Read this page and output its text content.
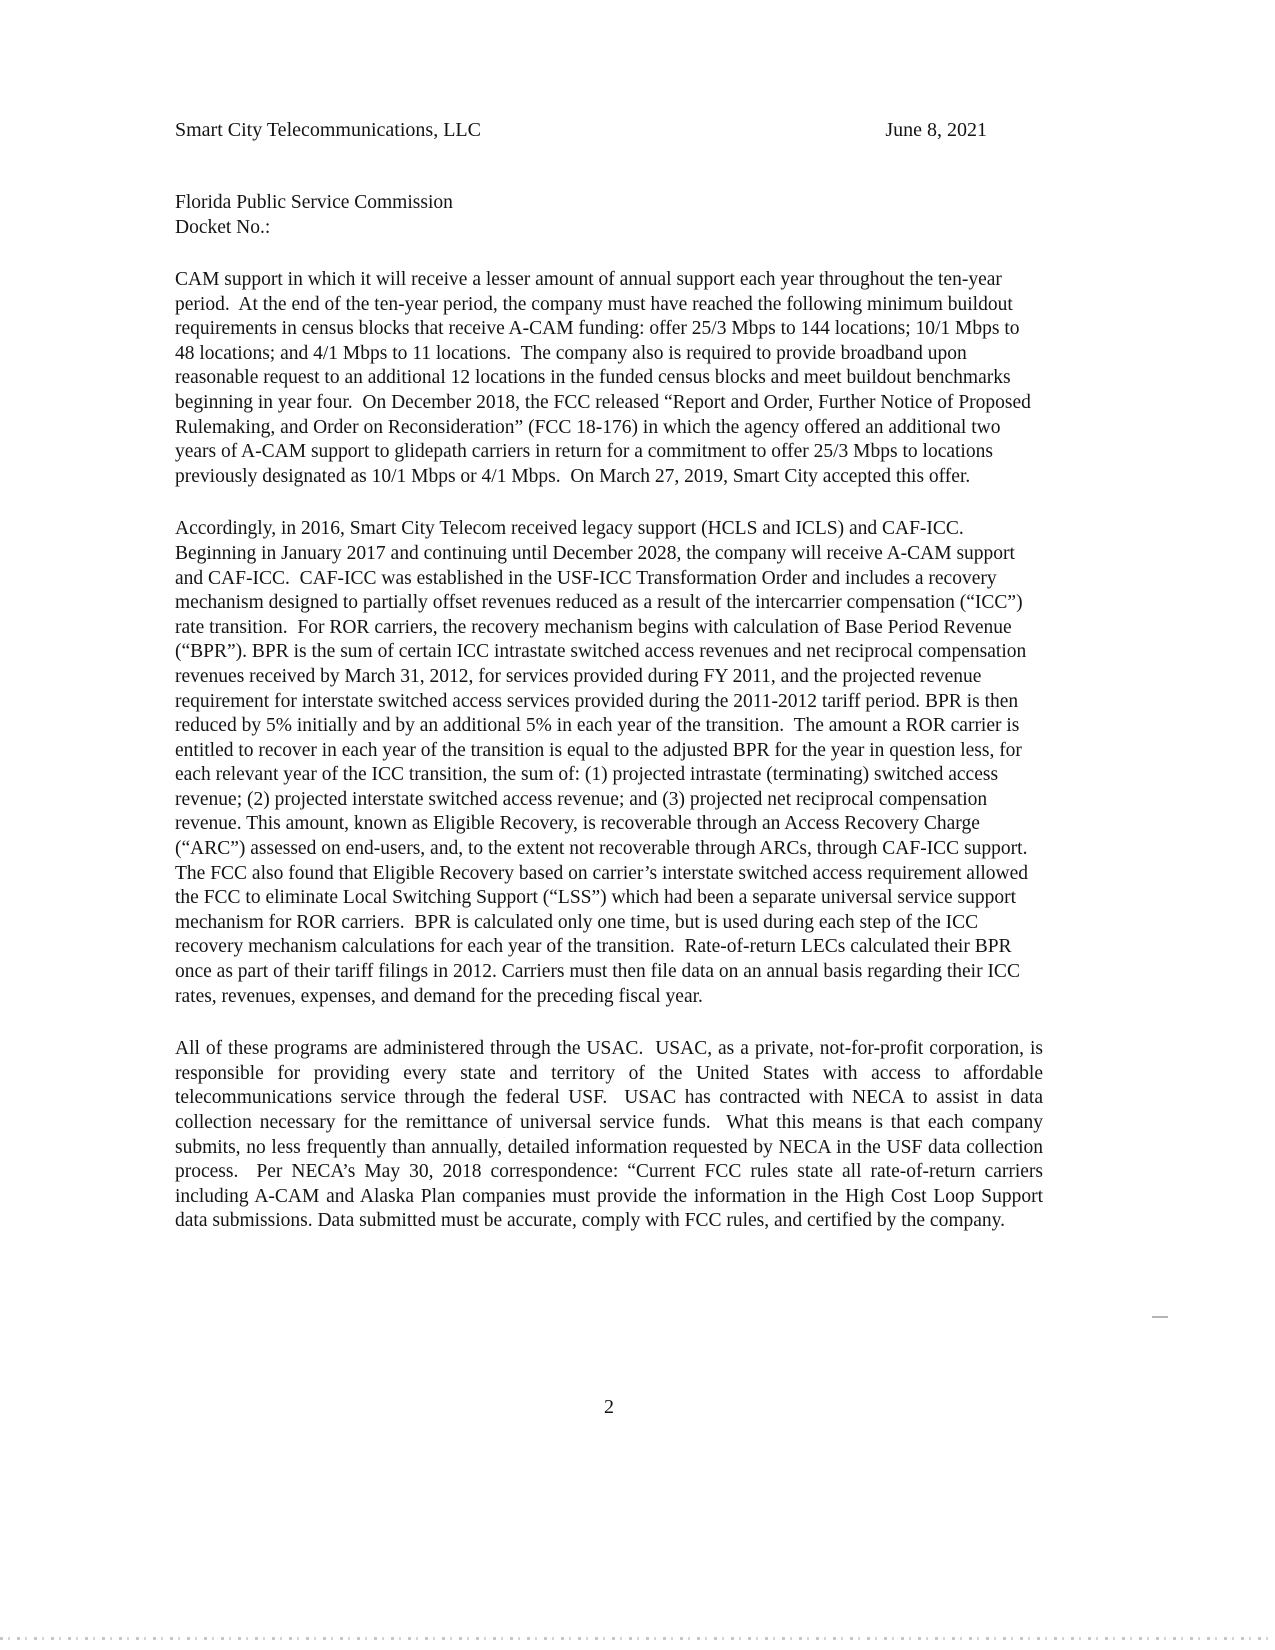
Smart City Telecommunications, LLC	June 8, 2021
Florida Public Service Commission
Docket No.:

CAM support in which it will receive a lesser amount of annual support each year throughout the ten-year period.  At the end of the ten-year period, the company must have reached the following minimum buildout requirements in census blocks that receive A-CAM funding: offer 25/3 Mbps to 144 locations; 10/1 Mbps to 48 locations; and 4/1 Mbps to 11 locations.  The company also is required to provide broadband upon reasonable request to an additional 12 locations in the funded census blocks and meet buildout benchmarks beginning in year four.  On December 2018, the FCC released “Report and Order, Further Notice of Proposed Rulemaking, and Order on Reconsideration” (FCC 18-176) in which the agency offered an additional two years of A-CAM support to glidepath carriers in return for a commitment to offer 25/3 Mbps to locations previously designated as 10/1 Mbps or 4/1 Mbps.  On March 27, 2019, Smart City accepted this offer.

Accordingly, in 2016, Smart City Telecom received legacy support (HCLS and ICLS) and CAF-ICC. Beginning in January 2017 and continuing until December 2028, the company will receive A-CAM support and CAF-ICC.  CAF-ICC was established in the USF-ICC Transformation Order and includes a recovery mechanism designed to partially offset revenues reduced as a result of the intercarrier compensation (“ICC”) rate transition.  For ROR carriers, the recovery mechanism begins with calculation of Base Period Revenue (“BPR”). BPR is the sum of certain ICC intrastate switched access revenues and net reciprocal compensation revenues received by March 31, 2012, for services provided during FY 2011, and the projected revenue requirement for interstate switched access services provided during the 2011-2012 tariff period. BPR is then reduced by 5% initially and by an additional 5% in each year of the transition.  The amount a ROR carrier is entitled to recover in each year of the transition is equal to the adjusted BPR for the year in question less, for each relevant year of the ICC transition, the sum of: (1) projected intrastate (terminating) switched access revenue; (2) projected interstate switched access revenue; and (3) projected net reciprocal compensation revenue. This amount, known as Eligible Recovery, is recoverable through an Access Recovery Charge (“ARC”) assessed on end-users, and, to the extent not recoverable through ARCs, through CAF-ICC support. The FCC also found that Eligible Recovery based on carrier’s interstate switched access requirement allowed the FCC to eliminate Local Switching Support (“LSS”) which had been a separate universal service support mechanism for ROR carriers.  BPR is calculated only one time, but is used during each step of the ICC recovery mechanism calculations for each year of the transition.  Rate-of-return LECs calculated their BPR once as part of their tariff filings in 2012. Carriers must then file data on an annual basis regarding their ICC rates, revenues, expenses, and demand for the preceding fiscal year.

All of these programs are administered through the USAC.  USAC, as a private, not-for-profit corporation, is responsible for providing every state and territory of the United States with access to affordable telecommunications service through the federal USF.  USAC has contracted with NECA to assist in data collection necessary for the remittance of universal service funds.  What this means is that each company submits, no less frequently than annually, detailed information requested by NECA in the USF data collection process.  Per NECA’s May 30, 2018 correspondence: “Current FCC rules state all rate-of-return carriers including A-CAM and Alaska Plan companies must provide the information in the High Cost Loop Support data submissions. Data submitted must be accurate, comply with FCC rules, and certified by the company.

2
